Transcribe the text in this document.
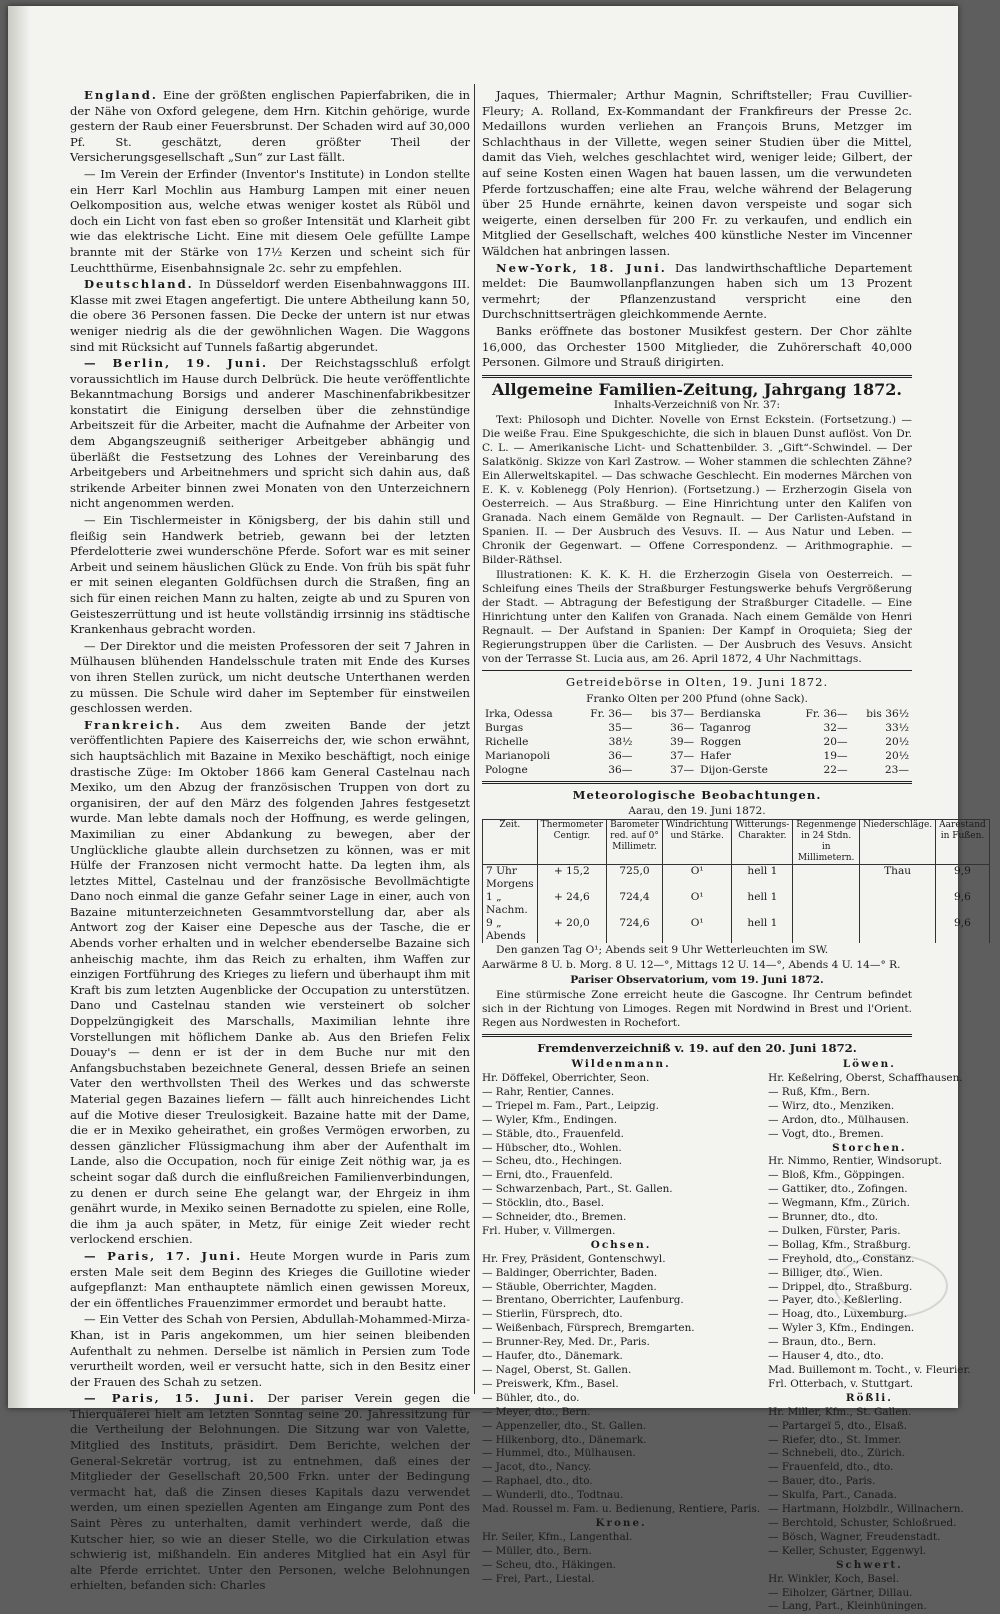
England. Eine der größten englischen Papierfabriken, die in der Nähe von Oxford gelegene, dem Hrn. Kitchin gehörige, wurde gestern der Raub einer Feuersbrunst. Der Schaden wird auf 30,000 Pf. St. geschätzt, deren größter Theil der Versicherungsgesellschaft „Sun“ zur Last fällt.

— Im Verein der Erfinder (Inventor's Institute) in London stellte ein Herr Karl Mochlin aus Hamburg Lampen mit einer neuen Oelkomposition aus, welche etwas weniger kostet als Rüböl und doch ein Licht von fast eben so großer Intensität und Klarheit gibt wie das elektrische Licht. Eine mit diesem Oele gefüllte Lampe brannte mit der Stärke von 17½ Kerzen und scheint sich für Leuchtthürme, Eisenbahnsignale 2c. sehr zu empfehlen.

Deutschland. In Düsseldorf werden Eisenbahnwaggons III. Klasse mit zwei Etagen angefertigt. Die untere Abtheilung kann 50, die obere 36 Personen fassen. Die Decke der untern ist nur etwas weniger niedrig als die der gewöhnlichen Wagen. Die Waggons sind mit Rücksicht auf Tunnels faßartig abgerundet.

— Berlin, 19. Juni. Der Reichstagsschluß erfolgt voraussichtlich im Hause durch Delbrück. Die heute veröffentlichte Bekanntmachung Borsigs und anderer Maschinenfabrikbesitzer konstatirt die Einigung derselben über die zehnstündige Arbeitszeit für die Arbeiter, macht die Aufnahme der Arbeiter von dem Abgangszeugniß seitheriger Arbeitgeber abhängig und überläßt die Festsetzung des Lohnes der Vereinbarung des Arbeitgebers und Arbeitnehmers und spricht sich dahin aus, daß strikende Arbeiter binnen zwei Monaten von den Unterzeichnern nicht angenommen werden.

— Ein Tischlermeister in Königsberg, der bis dahin still und fleißig sein Handwerk betrieb, gewann bei der letzten Pferdelotterie zwei wunderschöne Pferde. Sofort war es mit seiner Arbeit und seinem häuslichen Glück zu Ende. Von früh bis spät fuhr er mit seinen eleganten Goldfüchsen durch die Straßen, fing an sich für einen reichen Mann zu halten, zeigte ab und zu Spuren von Geisteszerrüttung und ist heute vollständig irrsinnig ins städtische Krankenhaus gebracht worden.

— Der Direktor und die meisten Professoren der seit 7 Jahren in Mülhausen blühenden Handelsschule traten mit Ende des Kurses von ihren Stellen zurück, um nicht deutsche Unterthanen werden zu müssen. Die Schule wird daher im September für einstweilen geschlossen werden.

Frankreich. Aus dem zweiten Bande der jetzt veröffentlichten Papiere des Kaiserreichs der, wie schon erwähnt, sich hauptsächlich mit Bazaine in Mexiko beschäftigt, noch einige drastische Züge: Im Oktober 1866 kam General Castelnau nach Mexiko, um den Abzug der französischen Truppen von dort zu organisiren, der auf den März des folgenden Jahres festgesetzt wurde. Man lebte damals noch der Hoffnung, es werde gelingen, Maximilian zu einer Abdankung zu bewegen, aber der Unglückliche glaubte allein durchsetzen zu können, was er mit Hülfe der Franzosen nicht vermocht hatte. Da legten ihm, als letztes Mittel, Castelnau und der französische Bevollmächtigte Dano noch einmal die ganze Gefahr seiner Lage in einer, auch von Bazaine mitunterzeichneten Gesammtvorstellung dar, aber als Antwort zog der Kaiser eine Depesche aus der Tasche, die er Abends vorher erhalten und in welcher ebenderselbe Bazaine sich anheischig machte, ihm das Reich zu erhalten, ihm Waffen zur einzigen Fortführung des Krieges zu liefern und überhaupt ihm mit Kraft bis zum letzten Augenblicke der Occupation zu unterstützen. Dano und Castelnau standen wie versteinert ob solcher Doppelzüngigkeit des Marschalls, Maximilian lehnte ihre Vorstellungen mit höflichem Danke ab. Aus den Briefen Felix Douay's — denn er ist der in dem Buche nur mit den Anfangsbuchstaben bezeichnete General, dessen Briefe an seinen Vater den werthvollsten Theil des Werkes und das schwerste Material gegen Bazaines liefern — fällt auch hinreichendes Licht auf die Motive dieser Treulosigkeit. Bazaine hatte mit der Dame, die er in Mexiko geheirathet, ein großes Vermögen erworben, zu dessen gänzlicher Flüssigmachung ihm aber der Aufenthalt im Lande, also die Occupation, noch für einige Zeit nöthig war, ja es scheint sogar daß durch die einflußreichen Familienverbindungen, zu denen er durch seine Ehe gelangt war, der Ehrgeiz in ihm genährt wurde, in Mexiko seinen Bernadotte zu spielen, eine Rolle, die ihm ja auch später, in Metz, für einige Zeit wieder recht verlockend erschien.

— Paris, 17. Juni. Heute Morgen wurde in Paris zum ersten Male seit dem Beginn des Krieges die Guillotine wieder aufgepflanzt: Man enthauptete nämlich einen gewissen Moreux, der ein öffentliches Frauenzimmer ermordet und beraubt hatte.

— Ein Vetter des Schah von Persien, Abdullah-Mohammed-Mirza-Khan, ist in Paris angekommen, um hier seinen bleibenden Aufenthalt zu nehmen. Derselbe ist nämlich in Persien zum Tode verurtheilt worden, weil er versucht hatte, sich in den Besitz einer der Frauen des Schah zu setzen.

— Paris, 15. Juni. Der pariser Verein gegen die Thierquälerei hielt am letzten Sonntag seine 20. Jahressitzung für die Vertheilung der Belohnungen. Die Sitzung war von Valette, Mitglied des Instituts, präsidirt. Dem Berichte, welchen der General-Sekretär vortrug, ist zu entnehmen, daß eines der Mitglieder der Gesellschaft 20,500 Frkn. unter der Bedingung vermacht hat, daß die Zinsen dieses Kapitals dazu verwendet werden, um einen speziellen Agenten am Eingange zum Pont des Saint Pères zu unterhalten, damit verhindert werde, daß die Kutscher hier, so wie an dieser Stelle, wo die Cirkulation etwas schwierig ist, mißhandeln. Ein anderes Mitglied hat ein Asyl für alte Pferde errichtet. Unter den Personen, welche Belohnungen erhielten, befanden sich: Charles

Jaques, Thiermaler; Arthur Magnin, Schriftsteller; Frau Cuvillier-Fleury; A. Rolland, Ex-Kommandant der Frankfireurs der Presse 2c. Medaillons wurden verliehen an François Bruns, Metzger im Schlachthaus in der Villette, wegen seiner Studien über die Mittel, damit das Vieh, welches geschlachtet wird, weniger leide; Gilbert, der auf seine Kosten einen Wagen hat bauen lassen, um die verwundeten Pferde fortzuschaffen; eine alte Frau, welche während der Belagerung über 25 Hunde ernährte, keinen davon verspeiste und sogar sich weigerte, einen derselben für 200 Fr. zu verkaufen, und endlich ein Mitglied der Gesellschaft, welches 400 künstliche Nester im Vincenner Wäldchen hat anbringen lassen.

New-York, 18. Juni. Das landwirthschaftliche Departement meldet: Die Baumwollanpflanzungen haben sich um 13 Prozent vermehrt; der Pflanzenzustand verspricht eine den Durchschnittserträgen gleichkommende Aernte.

Banks eröffnete das bostoner Musikfest gestern. Der Chor zählte 16,000, das Orchester 1500 Mitglieder, die Zuhörerschaft 40,000 Personen. Gilmore und Strauß dirigirten.

Allgemeine Familien-Zeitung, Jahrgang 1872.

Inhalts-Verzeichniß von Nr. 37:

Text: Philosoph und Dichter. Novelle von Ernst Eckstein. (Fortsetzung.) — Die weiße Frau. Eine Spukgeschichte, die sich in blauen Dunst auflöst. Von Dr. C. L. — Amerikanische Licht- und Schattenbilder. 3. „Gift“-Schwindel. — Der Salatkönig. Skizze von Karl Zastrow. — Woher stammen die schlechten Zähne? Ein Allerweltskapitel. — Das schwache Geschlecht. Ein modernes Märchen von E. K. v. Koblenegg (Poly Henrion). (Fortsetzung.) — Erzherzogin Gisela von Oesterreich. — Aus Straßburg. — Eine Hinrichtung unter den Kalifen von Granada. Nach einem Gemälde von Regnault. — Der Carlisten-Aufstand in Spanien. II. — Der Ausbruch des Vesuvs. II. — Aus Natur und Leben. — Chronik der Gegenwart. — Offene Correspondenz. — Arithmographie. — Bilder-Räthsel.

Illustrationen: K. K. K. H. die Erzherzogin Gisela von Oesterreich. — Schleifung eines Theils der Straßburger Festungswerke behufs Vergrößerung der Stadt. — Abtragung der Befestigung der Straßburger Citadelle. — Eine Hinrichtung unter den Kalifen von Granada. Nach einem Gemälde von Henri Regnault. — Der Aufstand in Spanien: Der Kampf in Oroquieta; Sieg der Regierungstruppen über die Carlisten. — Der Ausbruch des Vesuvs. Ansicht von der Terrasse St. Lucia aus, am 26. April 1872, 4 Uhr Nachmittags.

Getreidebörse in Olten, 19. Juni 1872.

Franko Olten per 200 Pfund (ohne Sack).

Irka, Odessa	Fr. 36—	bis 37—	Berdianska	Fr. 36—	bis 36½
Burgas	35—	36—	Taganrog	32—	33½
Richelle	38½	39—	Roggen	20—	20½
Marianopoli	36—	37—	Hafer	19—	20½
Pologne	36—	37—	Dijon-Gerste	22—	23—

Meteorologische Beobachtungen.

Aarau, den 19. Juni 1872.

Zeit.	Thermometer Centigr.	Barometer red. auf 0° Millimetr.	Windrichtung und Stärke.	Witterungs-Charakter.	Regenmenge in 24 Stdn. in Millimetern.	Niederschläge.	Aarestand in Fußen.
7 Uhr Morgens	+ 15,2	725,0	O¹	hell 1		Thau	9,9
1 „ Nachm.	+ 24,6	724,4	O¹	hell 1			9,6
9 „ Abends	+ 20,0	724,6	O¹	hell 1			9,6

Den ganzen Tag O¹; Abends seit 9 Uhr Wetterleuchten im SW.

Aarwärme 8 U. b. Morg. 8 U. 12—°, Mittags 12 U. 14—°, Abends 4 U. 14—° R.

Pariser Observatorium, vom 19. Juni 1872.

Eine stürmische Zone erreicht heute die Gascogne. Ihr Centrum befindet sich in der Richtung von Limoges. Regen mit Nordwind in Brest und l'Orient. Regen aus Nordwesten in Rochefort.

Fremdenverzeichniß v. 19. auf den 20. Juni 1872.

Wildenmann.
Hr. Döffekel, Oberrichter, Seon.
— Rahr, Rentier, Cannes.
— Triepel m. Fam., Part., Leipzig.
— Wyler, Kfm., Endingen.
— Stäble, dto., Frauenfeld.
— Hübscher, dto., Wohlen.
— Scheu, dto., Hechingen.
— Erni, dto., Frauenfeld.
— Schwarzenbach, Part., St. Gallen.
— Stöcklin, dto., Basel.
— Schneider, dto., Bremen.
Frl. Huber, v. Villmergen.
Ochsen.
Hr. Frey, Präsident, Gontenschwyl.
— Baldinger, Oberrichter, Baden.
— Stäuble, Oberrichter, Magden.
— Brentano, Oberrichter, Laufenburg.
— Stierlin, Fürsprech, dto.
— Weißenbach, Fürsprech, Bremgarten.
— Brunner-Rey, Med. Dr., Paris.
— Haufer, dto., Dänemark.
— Nagel, Oberst, St. Gallen.
— Preiswerk, Kfm., Basel.
— Bühler, dto., do.
— Meyer, dto., Bern.
— Appenzeller, dto., St. Gallen.
— Hilkenborg, dto., Dänemark.
— Hummel, dto., Mülhausen.
— Jacot, dto., Nancy.
— Raphael, dto., dto.
— Wunderli, dto., Todtnau.
Mad. Roussel m. Fam. u. Bedienung, Rentiere, Paris.
Krone.
Hr. Seiler, Kfm., Langenthal.
— Müller, dto., Bern.
— Scheu, dto., Häkingen.
— Frei, Part., Liestal.
Löwen.
Hr. Keßelring, Oberst, Schaffhausen.
— Ruß, Kfm., Bern.
— Wirz, dto., Menziken.
— Ardon, dto., Mülhausen.
— Vogt, dto., Bremen.
Storchen.
Hr. Nimmo, Rentier, Windsorupt.
— Bloß, Kfm., Göppingen.
— Gattiker, dto., Zofingen.
— Wegmann, Kfm., Zürich.
— Brunner, dto., dto.
— Dulken, Fürster, Paris.
— Bollag, Kfm., Straßburg.
— Freyhold, dto., Constanz.
— Billiger, dto., Wien.
— Drippel, dto., Straßburg.
— Payer, dto., Keßlerling.
— Hoag, dto., Luxemburg.
— Wyler 3, Kfm., Endingen.
— Braun, dto., Bern.
— Hauser 4, dto., dto.
Mad. Buillemont m. Tocht., v. Fleurier.
Frl. Otterbach, v. Stuttgart.
Rößli.
Hr. Miller, Kfm., St. Gallen.
— Partargeï 5, dto., Elsaß.
— Riefer, dto., St. Immer.
— Schnebeli, dto., Zürich.
— Frauenfeld, dto., dto.
— Bauer, dto., Paris.
— Skulfa, Part., Canada.
— Hartmann, Holzbdlr., Willnachern.
— Berchtold, Schuster, Schloßrued.
— Bösch, Wagner, Freudenstadt.
— Keller, Schuster, Eggenwyl.
Schwert.
Hr. Winkler, Koch, Basel.
— Eiholzer, Gärtner, Dillau.
— Lang, Part., Kleinhüningen.
